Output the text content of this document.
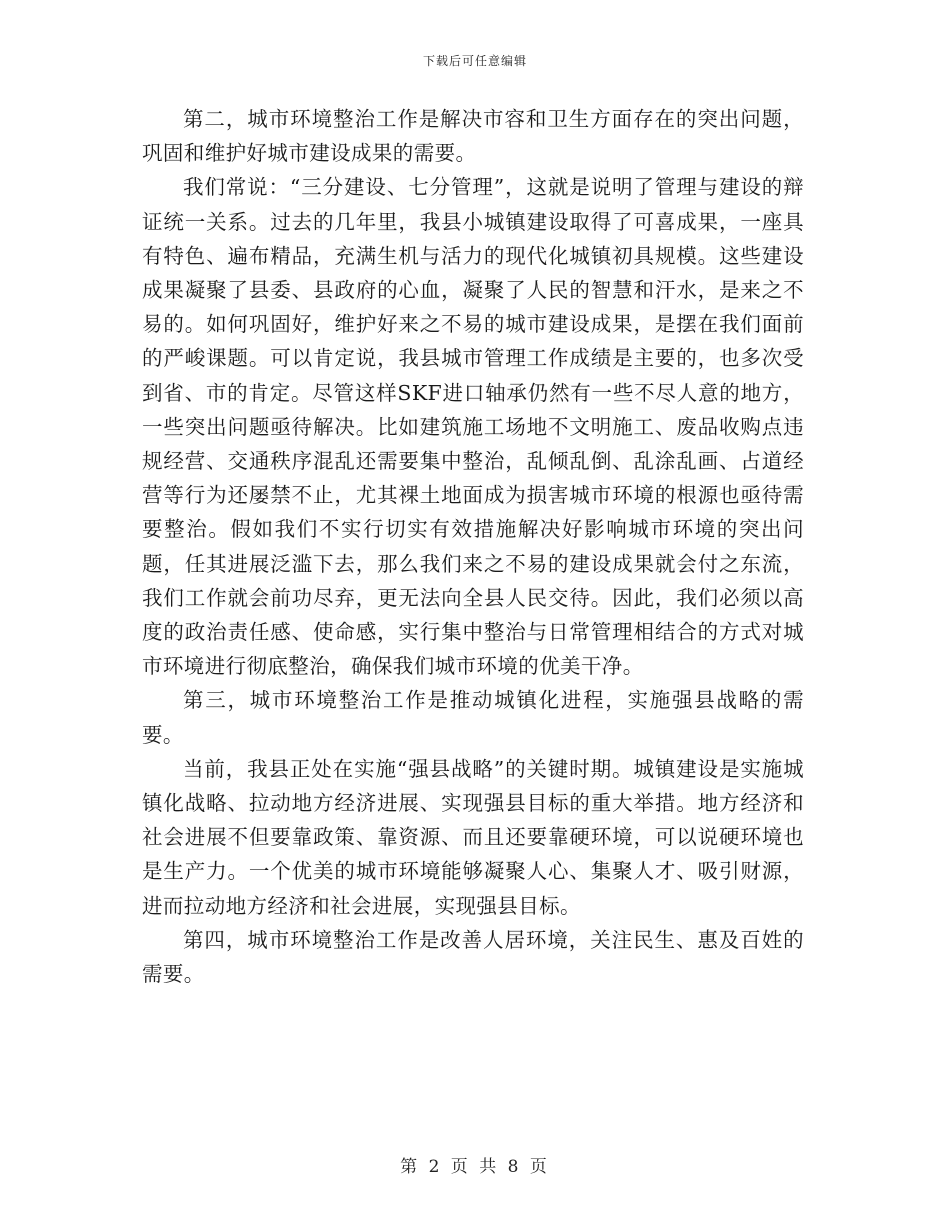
下载后可任意编辑

第二，城市环境整治工作是解决市容和卫生方面存在的突出问题，巩固和维护好城市建设成果的需要。

我们常说：“三分建设、七分管理”，这就是说明了管理与建设的辩证统一关系。过去的几年里，我县小城镇建设取得了可喜成果，一座具有特色、遍布精品，充满生机与活力的现代化城镇初具规模。这些建设成果凝聚了县委、县政府的心血，凝聚了人民的智慧和汗水，是来之不易的。如何巩固好，维护好来之不易的城市建设成果，是摆在我们面前的严峻课题。可以肯定说，我县城市管理工作成绩是主要的，也多次受到省、市的肯定。尽管这样SKF进口轴承仍然有一些不尽人意的地方，一些突出问题亟待解决。比如建筑施工场地不文明施工、废品收购点违规经营、交通秩序混乱还需要集中整治，乱倾乱倒、乱涂乱画、占道经营等行为还屡禁不止，尤其裸土地面成为损害城市环境的根源也亟待需要整治。假如我们不实行切实有效措施解决好影响城市环境的突出问题，任其进展泛滥下去，那么我们来之不易的建设成果就会付之东流，我们工作就会前功尽弃，更无法向全县人民交待。因此，我们必须以高度的政治责任感、使命感，实行集中整治与日常管理相结合的方式对城市环境进行彻底整治，确保我们城市环境的优美干净。

第三，城市环境整治工作是推动城镇化进程，实施强县战略的需要。

当前，我县正处在实施“强县战略”的关键时期。城镇建设是实施城镇化战略、拉动地方经济进展、实现强县目标的重大举措。地方经济和社会进展不但要靠政策、靠资源、而且还要靠硬环境，可以说硬环境也是生产力。一个优美的城市环境能够凝聚人心、集聚人才、吸引财源，进而拉动地方经济和社会进展，实现强县目标。

第四，城市环境整治工作是改善人居环境，关注民生、惠及百姓的需要。

第 2 页 共 8 页
